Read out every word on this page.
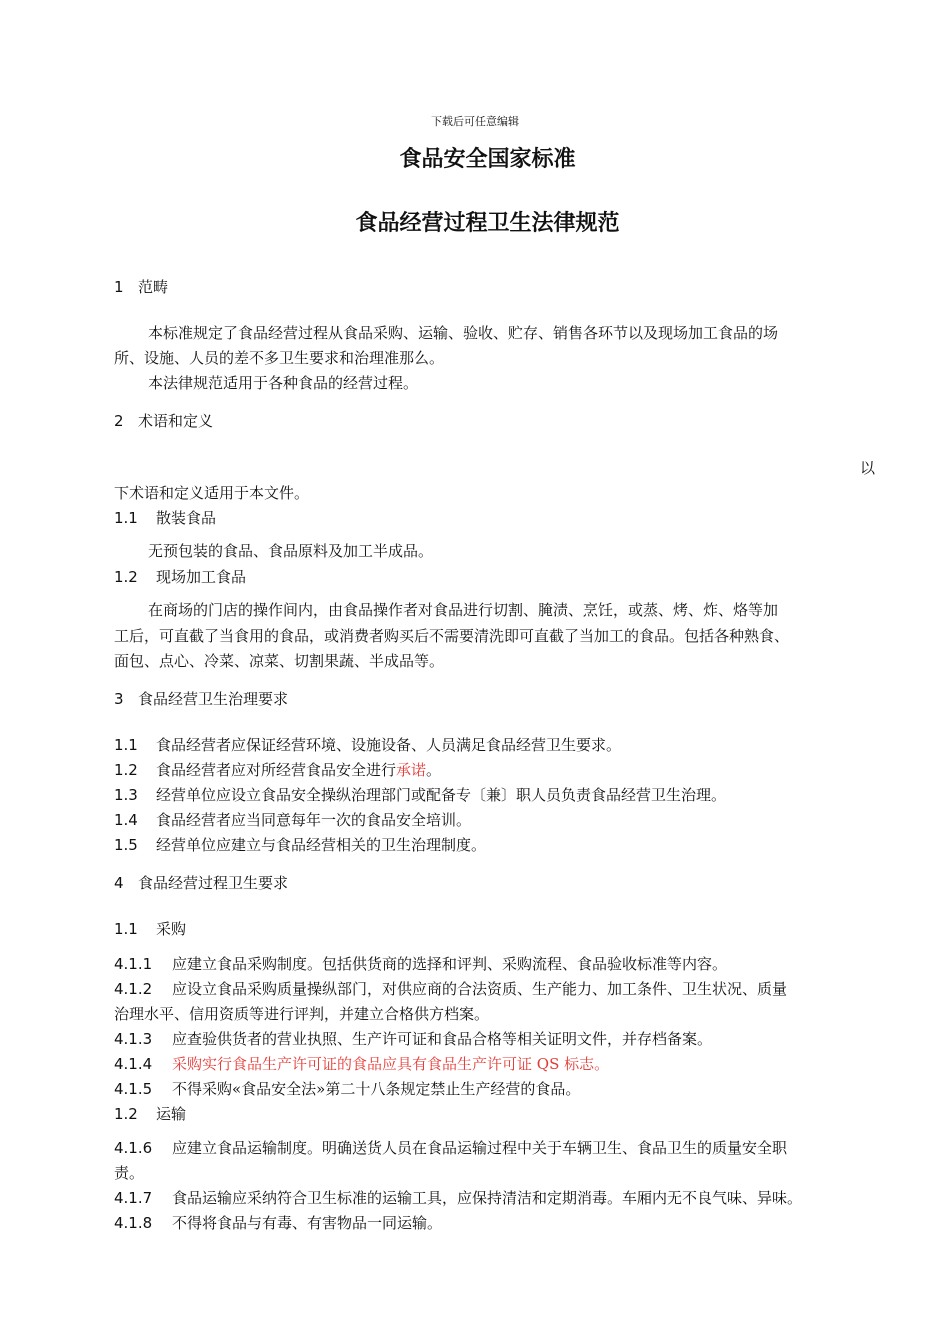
下载后可任意编辑
食品安全国家标准
食品经营过程卫生法律规范
1 范畴
本标准规定了食品经营过程从食品采购、运输、验收、贮存、销售各环节以及现场加工食品的场
所、设施、人员的差不多卫生要求和治理准那么。
本法律规范适用于各种食品的经营过程。
2 术语和定义
以
下术语和定义适用于本文件。
1.1 散装食品
无预包装的食品、食品原料及加工半成品。
1.2 现场加工食品
在商场的门店的操作间内，由食品操作者对食品进行切割、腌渍、烹饪，或蒸、烤、炸、烙等加
工后，可直截了当食用的食品，或消费者购买后不需要清洗即可直截了当加工的食品。包括各种熟食、
面包、点心、冷菜、凉菜、切割果蔬、半成品等。
3 食品经营卫生治理要求
1.1 食品经营者应保证经营环境、设施设备、人员满足食品经营卫生要求。
1.2 食品经营者应对所经营食品安全进行承诺。
1.3 经营单位应设立食品安全操纵治理部门或配备专〔兼〕职人员负责食品经营卫生治理。
1.4 食品经营者应当同意每年一次的食品安全培训。
1.5 经营单位应建立与食品经营相关的卫生治理制度。
4 食品经营过程卫生要求
1.1 采购
4.1.1 应建立食品采购制度。包括供货商的选择和评判、采购流程、食品验收标准等内容。
4.1.2 应设立食品采购质量操纵部门，对供应商的合法资质、生产能力、加工条件、卫生状况、质量
治理水平、信用资质等进行评判，并建立合格供方档案。
4.1.3 应查验供货者的营业执照、生产许可证和食品合格等相关证明文件，并存档备案。
4.1.4 采购实行食品生产许可证的食品应具有食品生产许可证 QS 标志。
4.1.5 不得采购«食品安全法»第二十八条规定禁止生产经营的食品。
1.2 运输
4.1.6 应建立食品运输制度。明确送货人员在食品运输过程中关于车辆卫生、食品卫生的质量安全职
责。
4.1.7 食品运输应采纳符合卫生标准的运输工具，应保持清洁和定期消毒。车厢内无不良气味、异味。
4.1.8 不得将食品与有毒、有害物品一同运输。
